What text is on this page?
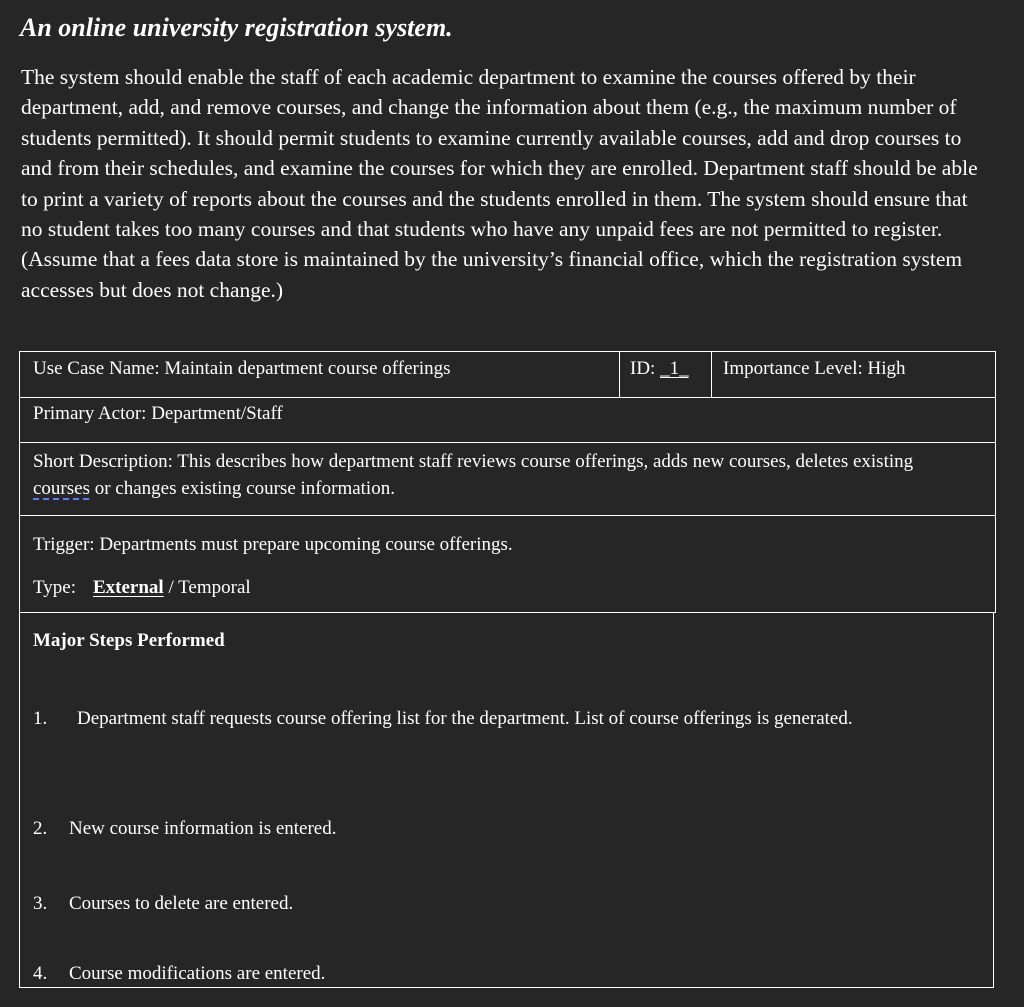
An online university registration system.

The system should enable the staff of each academic department to examine the courses offered by their department, add, and remove courses, and change the information about them (e.g., the maximum number of students permitted). It should permit students to examine currently available courses, add and drop courses to and from their schedules, and examine the courses for which they are enrolled. Department staff should be able to print a variety of reports about the courses and the students enrolled in them. The system should ensure that no student takes too many courses and that students who have any unpaid fees are not permitted to register. (Assume that a fees data store is maintained by the university’s financial office, which the registration system accesses but does not change.)

Use Case Name: Maintain department course offerings	ID: _1_ Importance Level: High
Primary Actor: Department/Staff
Short Description: This describes how department staff reviews course offerings, adds new courses, deletes existing courses or changes existing course information.
Trigger: Departments must prepare upcoming course offerings.
Type: External / Temporal
Major Steps Performed
1.	Department staff requests course offering list for the department. List of course offerings is generated.
2. New course information is entered.
3. Courses to delete are entered.
4. Course modifications are entered.
